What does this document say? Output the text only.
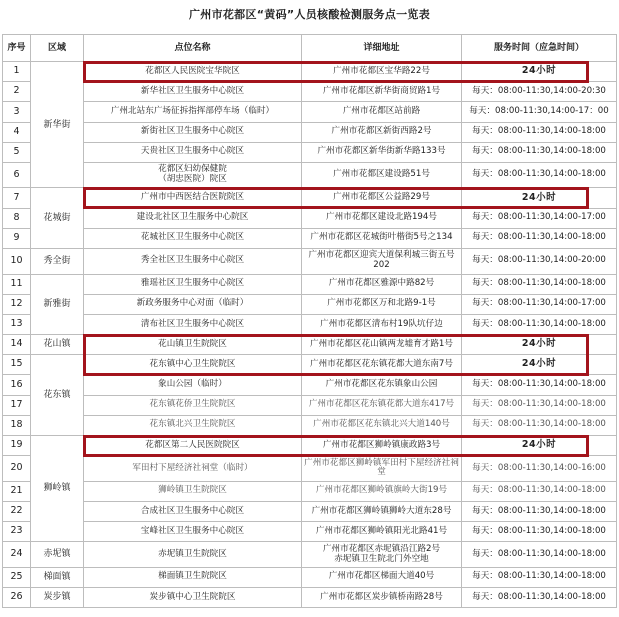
广州市花都区“黄码”人员核酸检测服务点一览表
序号	区域	点位名称	详细地址	服务时间（应急时间）
1	新华街	花都区人民医院宝华院区	广州市花都区宝华路22号	24小时
2		新华社区卫生服务中心院区	广州市花都区新华街商贸路1号	每天：08:00-11:30,14:00-20:30
3		广州北站东广场征拆指挥部停车场（临时）	广州市花都区站前路	每天：08:00-11:30,14:00-17：00
4		新街社区卫生服务中心院区	广州市花都区新街西路2号	每天：08:00-11:30,14:00-18:00
5		天贵社区卫生服务中心院区	广州市花都区新华街新华路133号	每天：08:00-11:30,14:00-18:00
6		花都区妇幼保健院
（胡忠医院）院区	广州市花都区建设路51号	每天：08:00-11:30,14:00-18:00
7	花城街	广州市中西医结合医院院区	广州市花都区公益路29号	24小时
8		建设北社区卫生服务中心院区	广州市花都区建设北路194号	每天：08:00-11:30,14:00-17:00
9		花城社区卫生服务中心院区	广州市花都区花城街叶楷街5号之134	每天：08:00-11:30,14:00-18:00
10	秀全街	秀全社区卫生服务中心院区	广州市花都区迎宾大道保利城三街五号202	每天：08:00-11:30,14:00-20:00
11	新雅街	雅瑶社区卫生服务中心院区	广州市花都区雅源中路82号	每天：08:00-11:30,14:00-18:00
12		新政务服务中心对面（临时）	广州市花都区万和北路9-1号	每天：08:00-11:30,14:00-17:00
13		清布社区卫生服务中心院区	广州市花都区清布村19队坑仔边	每天：08:00-11:30,14:00-18:00
14	花山镇	花山镇卫生院院区	广州市花都区花山镇两龙墟育才路1号	24小时
15	花东镇	花东镇中心卫生院院区	广州市花都区花东镇花都大道东南7号	24小时
16		象山公园（临时）	广州市花都区花东镇象山公园	每天：08:00-11:30,14:00-18:00
17		花东镇花侨卫生院院区	广州市花都区花东镇花都大道东417号	每天：08:00-11:30,14:00-18:00
18		花东镇北兴卫生院院区	广州市花都区花东镇北兴大道140号	每天：08:00-11:30,14:00-18:00
19	狮岭镇	花都区第二人民医院院区	广州市花都区狮岭镇康政路3号	24小时
20		军田村下屋经济社祠堂（临时）	广州市花都区狮岭镇军田村下屋经济社祠堂	每天：08:00-11:30,14:00-16:00
21		狮岭镇卫生院院区	广州市花都区狮岭镇旗岭大街19号	每天：08:00-11:30,14:00-18:00
22		合成社区卫生服务中心院区	广州市花都区狮岭镇狮岭大道东28号	每天：08:00-11:30,14:00-18:00
23		宝峰社区卫生服务中心院区	广州市花都区狮岭镇阳光北路41号	每天：08:00-11:30,14:00-18:00
24	赤坭镇	赤坭镇卫生院院区	广州市花都区赤坭镇沿江路2号
赤坭镇卫生院北门外空地	每天：08:00-11:30,14:00-18:00
25	梯面镇	梯面镇卫生院院区	广州市花都区梯面大道40号	每天：08:00-11:30,14:00-18:00
26	炭步镇	炭步镇中心卫生院院区	广州市花都区炭步镇桥南路28号	每天：08:00-11:30,14:00-18:00
